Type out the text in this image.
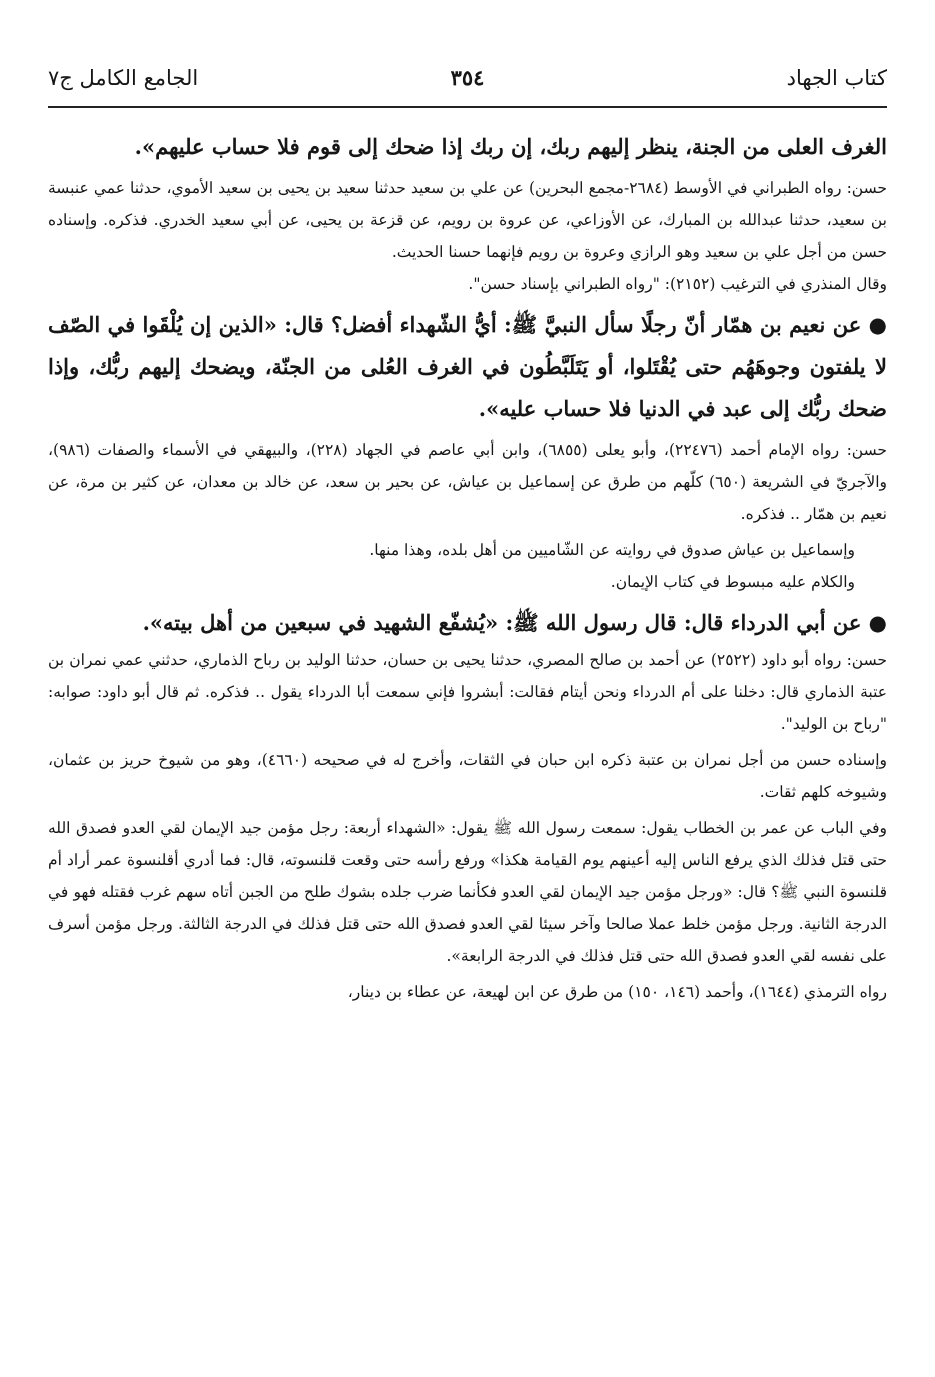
كتاب الجهاد
٣٥٤
الجامع الكامل ج٧

الغرف العلى من الجنة، ينظر إليهم ربك، إن ربك إذا ضحك إلى قوم فلا حساب عليهم».

حسن: رواه الطبراني في الأوسط (٢٦٨٤-مجمع البحرين) عن علي بن سعيد حدثنا سعيد بن يحيى بن سعيد الأموي، حدثنا عمي عنبسة بن سعيد، حدثنا عبدالله بن المبارك، عن الأوزاعي، عن عروة بن رويم، عن قزعة بن يحيى، عن أبي سعيد الخدري. فذكره. وإسناده حسن من أجل علي بن سعيد وهو الرازي وعروة بن رويم فإنهما حسنا الحديث.

وقال المنذري في الترغيب (٢١٥٢): "رواه الطبراني بإسناد حسن".

● عن نعيم بن همّار أنّ رجلًا سأل النبيَّ ﷺ: أيُّ الشّهداء أفضل؟ قال: «الذين إن يُلْقَوا في الصّف لا يلفتون وجوهَهُم حتى يُقْتَلوا، أو يَتَلَبَّطُون في الغرف العُلى من الجنّة، ويضحك إليهم ربُّك، وإذا ضحك ربُّك إلى عبد في الدنيا فلا حساب عليه».

حسن: رواه الإمام أحمد (٢٢٤٧٦)، وأبو يعلى (٦٨٥٥)، وابن أبي عاصم في الجهاد (٢٢٨)، والبيهقي في الأسماء والصفات (٩٨٦)، والآجريّ في الشريعة (٦٥٠) كلّهم من طرق عن إسماعيل بن عياش، عن بحير بن سعد، عن خالد بن معدان، عن كثير بن مرة، عن نعيم بن همّار .. فذكره.

وإسماعيل بن عياش صدوق في روايته عن الشّاميين من أهل بلده، وهذا منها.

والكلام عليه مبسوط في كتاب الإيمان.

● عن أبي الدرداء قال: قال رسول الله ﷺ: «يُشفّع الشهيد في سبعين من أهل بيته».

حسن: رواه أبو داود (٢٥٢٢) عن أحمد بن صالح المصري، حدثنا يحيى بن حسان، حدثنا الوليد بن رباح الذماري، حدثني عمي نمران بن عتبة الذماري قال: دخلنا على أم الدرداء ونحن أيتام فقالت: أبشروا فإني سمعت أبا الدرداء يقول .. فذكره. ثم قال أبو داود: صوابه: "رباح بن الوليد".

وإسناده حسن من أجل نمران بن عتبة ذكره ابن حبان في الثقات، وأخرج له في صحيحه (٤٦٦٠)، وهو من شيوخ حريز بن عثمان، وشيوخه كلهم ثقات.

وفي الباب عن عمر بن الخطاب يقول: سمعت رسول الله ﷺ يقول: «الشهداء أربعة: رجل مؤمن جيد الإيمان لقي العدو فصدق الله حتى قتل فذلك الذي يرفع الناس إليه أعينهم يوم القيامة هكذا» ورفع رأسه حتى وقعت قلنسوته، قال: فما أدري أقلنسوة عمر أراد أم قلنسوة النبي ﷺ؟ قال: «ورجل مؤمن جيد الإيمان لقي العدو فكأنما ضرب جلده بشوك طلح من الجبن أتاه سهم غرب فقتله فهو في الدرجة الثانية. ورجل مؤمن خلط عملا صالحا وآخر سيئا لقي العدو فصدق الله حتى قتل فذلك في الدرجة الثالثة. ورجل مؤمن أسرف على نفسه لقي العدو فصدق الله حتى قتل فذلك في الدرجة الرابعة».

رواه الترمذي (١٦٤٤)، وأحمد (١٤٦، ١٥٠) من طرق عن ابن لهيعة، عن عطاء بن دينار،
